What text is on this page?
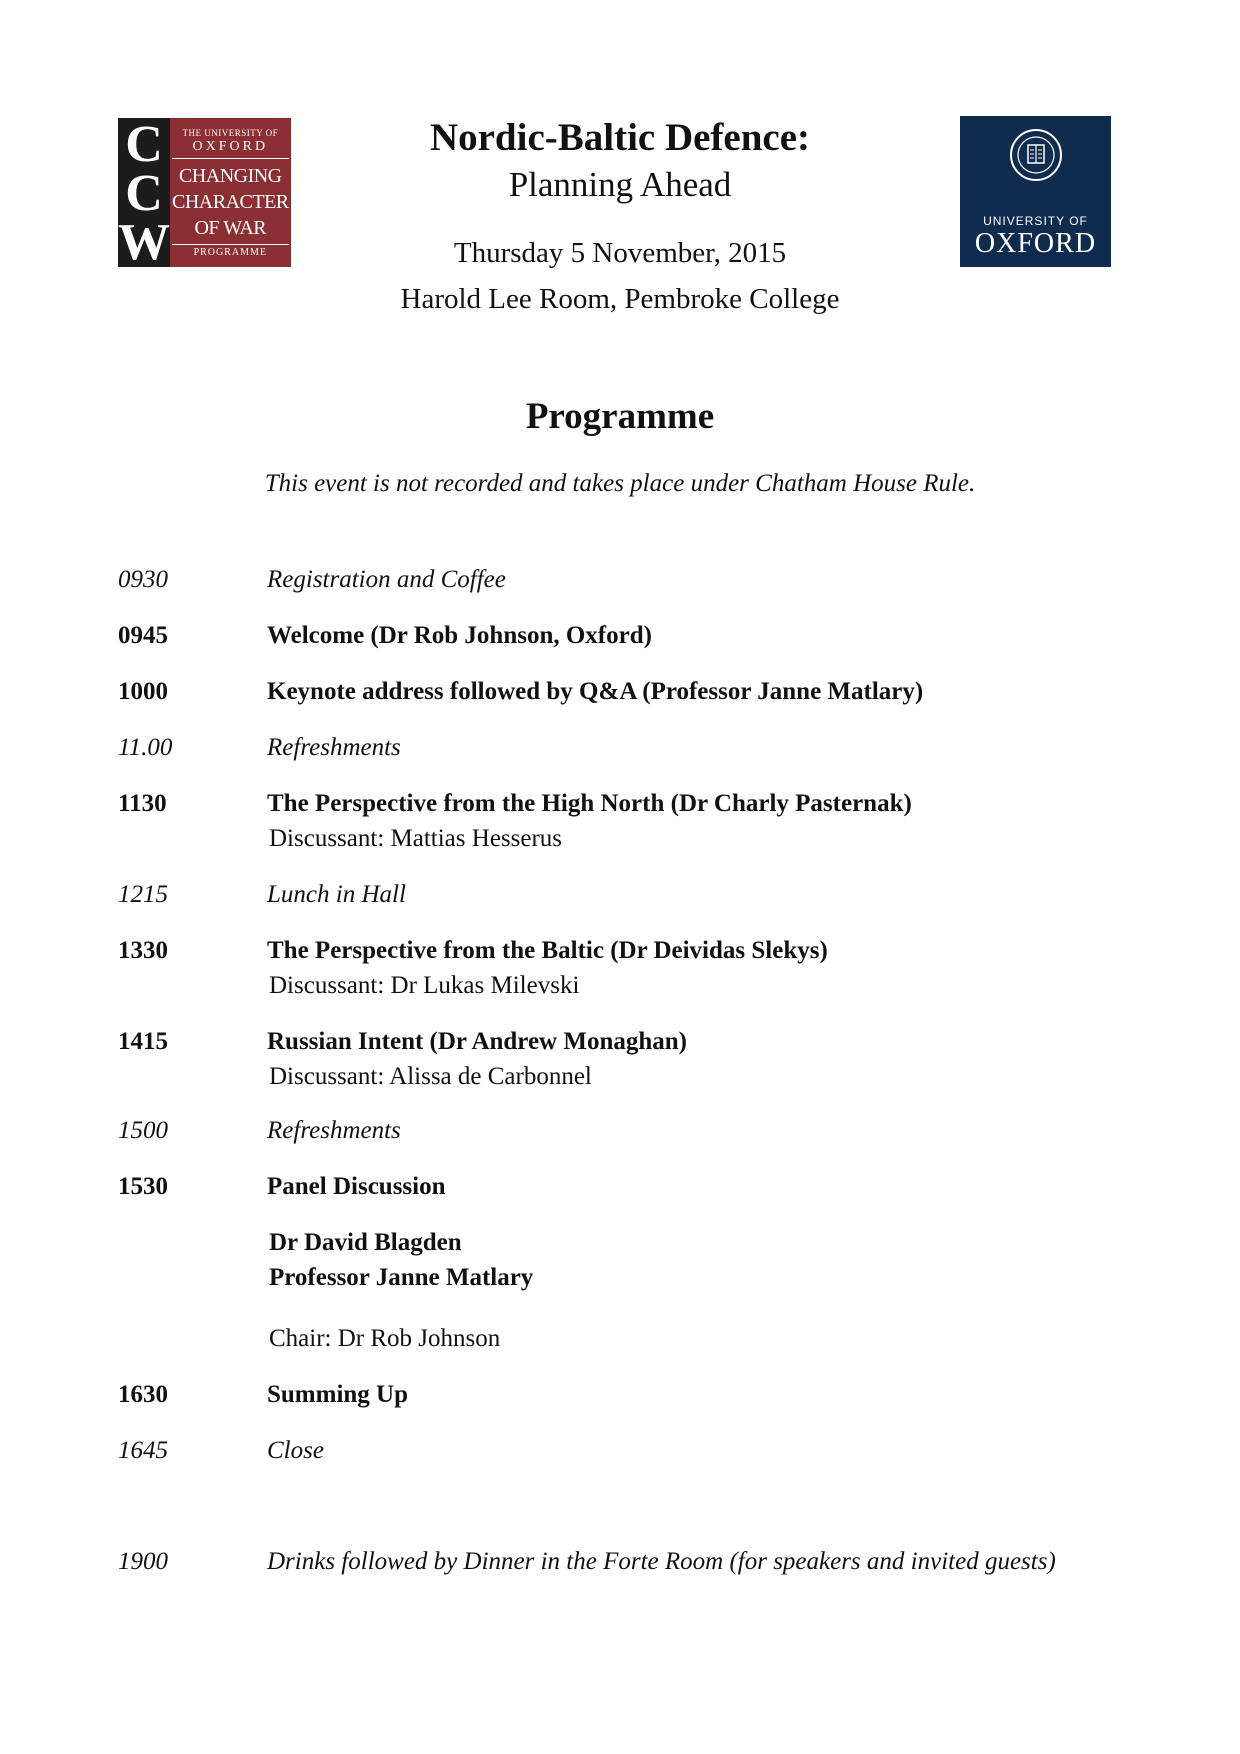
C
C
W
THE UNIVERSITY OF
OXFORD
CHANGING
CHARACTER
OF WAR
PROGRAMME
UNIVERSITY OF
OXFORD
Nordic-Baltic Defence:
Planning Ahead
Thursday 5 November, 2015
Harold Lee Room, Pembroke College
Programme
This event is not recorded and takes place under Chatham House Rule.
0930	Registration and Coffee
0945	Welcome (Dr Rob Johnson, Oxford)
1000	Keynote address followed by Q&A (Professor Janne Matlary)
11.00	Refreshments
1130	The Perspective from the High North (Dr Charly Pasternak)
Discussant: Mattias Hesserus
1215	Lunch in Hall
1330	The Perspective from the Baltic (Dr Deividas Slekys)
Discussant: Dr Lukas Milevski
1415	Russian Intent (Dr Andrew Monaghan)
Discussant: Alissa de Carbonnel
1500	Refreshments
1530	Panel Discussion
Dr David Blagden
Professor Janne Matlary
Chair: Dr Rob Johnson
1630	Summing Up
1645	Close
1900	Drinks followed by Dinner in the Forte Room (for speakers and invited guests)
